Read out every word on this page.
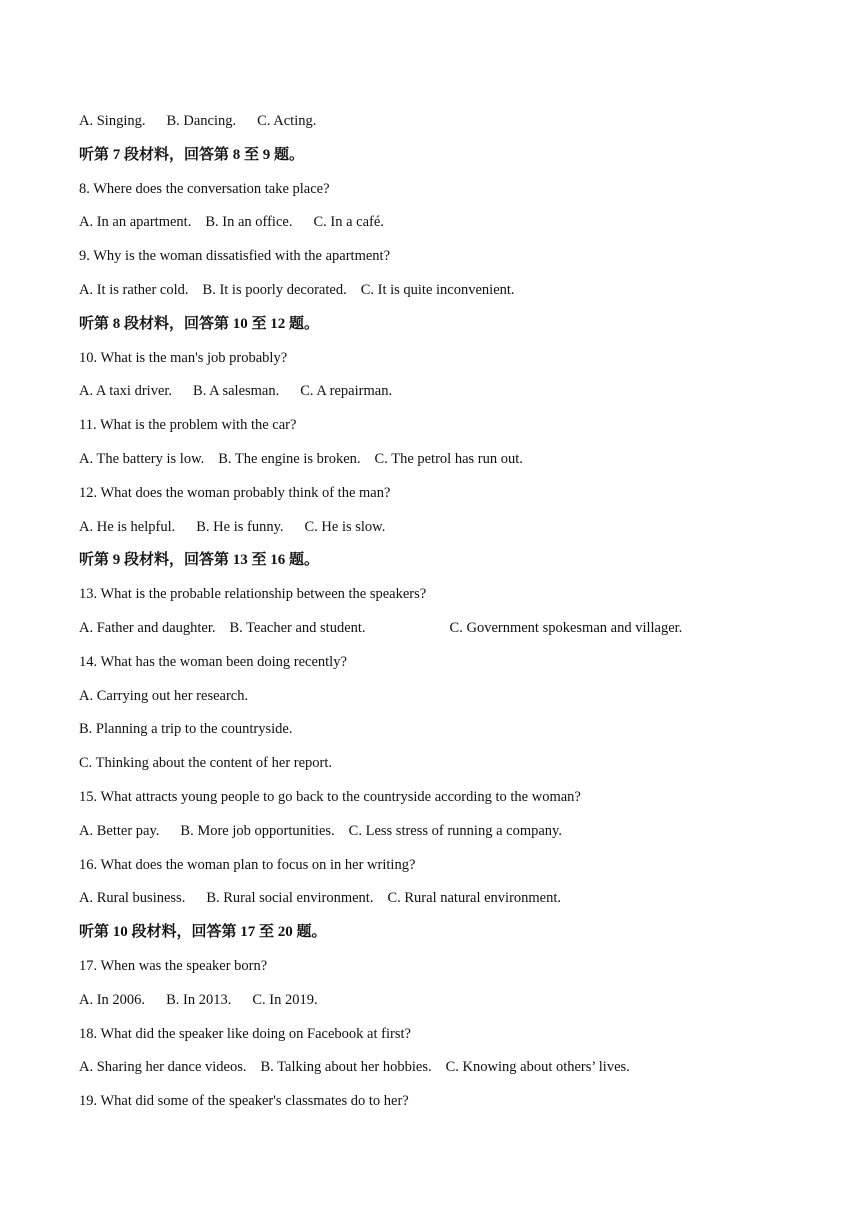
A. Singing. B. Dancing. C. Acting.
听第 7 段材料，回答第 8 至 9 题。
8. Where does the conversation take place?
A. In an apartment. B. In an office. C. In a café.
9. Why is the woman dissatisfied with the apartment?
A. It is rather cold. B. It is poorly decorated. C. It is quite inconvenient.
听第 8 段材料，回答第 10 至 12 题。
10. What is the man's job probably?
A. A taxi driver. B. A salesman. C. A repairman.
11. What is the problem with the car?
A. The battery is low. B. The engine is broken. C. The petrol has run out.
12. What does the woman probably think of the man?
A. He is helpful. B. He is funny. C. He is slow.
听第 9 段材料，回答第 13 至 16 题。
13. What is the probable relationship between the speakers?
A. Father and daughter. B. Teacher and student.	C. Government spokesman and villager.
14. What has the woman been doing recently?
A. Carrying out her research.
B. Planning a trip to the countryside.
C. Thinking about the content of her report.
15. What attracts young people to go back to the countryside according to the woman?
A. Better pay. B. More job opportunities. C. Less stress of running a company.
16. What does the woman plan to focus on in her writing?
A. Rural business. B. Rural social environment. C. Rural natural environment.
听第 10 段材料，回答第 17 至 20 题。
17. When was the speaker born?
A. In 2006. B. In 2013. C. In 2019.
18. What did the speaker like doing on Facebook at first?
A. Sharing her dance videos. B. Talking about her hobbies. C. Knowing about others’ lives.
19. What did some of the speaker's classmates do to her?
